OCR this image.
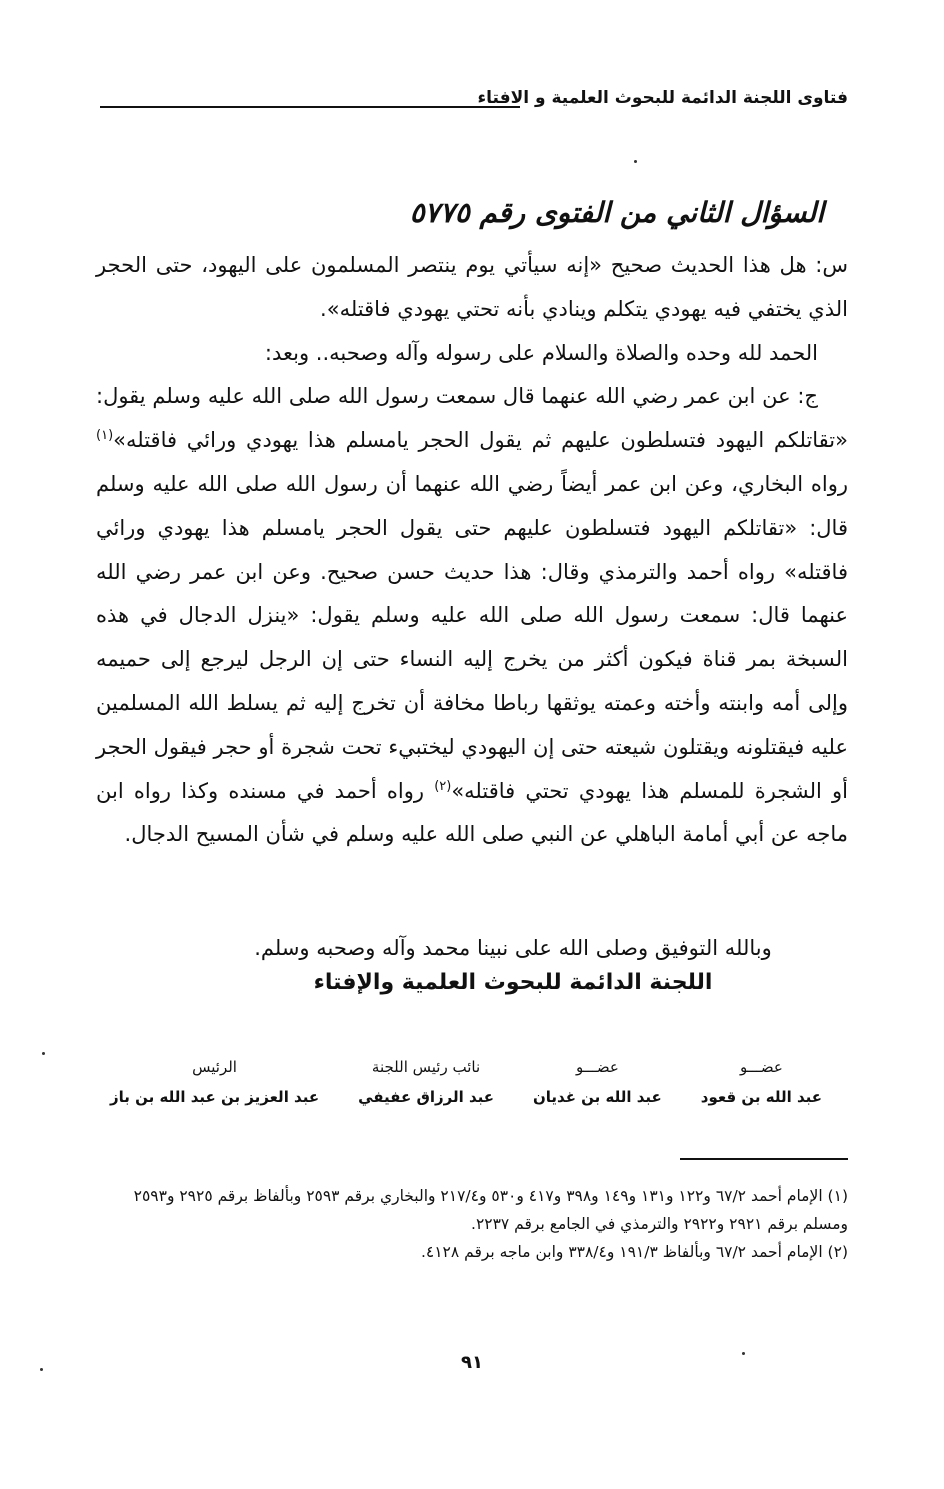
فتاوى اللجنة الدائمة للبحوث العلمية و الافتاء
السؤال الثاني من الفتوى رقم ٥٧٧٥

س: هل هذا الحديث صحيح «إنه سيأتي يوم ينتصر المسلمون على اليهود، حتى الحجر الذي يختفي فيه يهودي يتكلم وينادي بأنه تحتي يهودي فاقتله».

الحمد لله وحده والصلاة والسلام على رسوله وآله وصحبه.. وبعد:

ج: عن ابن عمر رضي الله عنهما قال سمعت رسول الله صلى الله عليه وسلم يقول: «تقاتلكم اليهود فتسلطون عليهم ثم يقول الحجر يامسلم هذا يهودي ورائي فاقتله»$^{(١)}$ رواه البخاري، وعن ابن عمر أيضاً رضي الله عنهما أن رسول الله صلى الله عليه وسلم قال: «تقاتلكم اليهود فتسلطون عليهم حتى يقول الحجر يامسلم هذا يهودي ورائي فاقتله» رواه أحمد والترمذي وقال: هذا حديث حسن صحيح. وعن ابن عمر رضي الله عنهما قال: سمعت رسول الله صلى الله عليه وسلم يقول: «ينزل الدجال في هذه السبخة بمر قناة فيكون أكثر من يخرج إليه النساء حتى إن الرجل ليرجع إلى حميمه وإلى أمه وابنته وأخته وعمته يوثقها رباطا مخافة أن تخرج إليه ثم يسلط الله المسلمين عليه فيقتلونه ويقتلون شيعته حتى إن اليهودي ليختبيء تحت شجرة أو حجر فيقول الحجر أو الشجرة للمسلم هذا يهودي تحتي فاقتله»$^{(٢)}$ رواه أحمد في مسنده وكذا رواه ابن ماجه عن أبي أمامة الباهلي عن النبي صلى الله عليه وسلم في شأن المسيح الدجال.

وبالله التوفيق وصلى الله على نبينا محمد وآله وصحبه وسلم.
اللجنة الدائمة للبحوث العلمية والإفتاء
عضـــو
عبد الله بن قعود
عضـــو
عبد الله بن غديان
نائب رئيس اللجنة
عبد الرزاق عفيفي
الرئيس
عبد العزيز بن عبد الله بن باز

(١) الإمام أحمد ٦٧/٢ و١٢٢ و١٣١ و١٤٩ و٣٩٨ و٤١٧ و٥٣٠ و٢١٧/٤ والبخاري برقم ٢٥٩٣ وبألفاظ برقم ٢٩٢٥ و٢٥٩٣ ومسلم برقم ٢٩٢١ و٢٩٢٢ والترمذي في الجامع برقم ٢٢٣٧.

(٢) الإمام أحمد ٦٧/٢ وبألفاظ ١٩١/٣ و٣٣٨/٤ وابن ماجه برقم ٤١٢٨.

٩١
